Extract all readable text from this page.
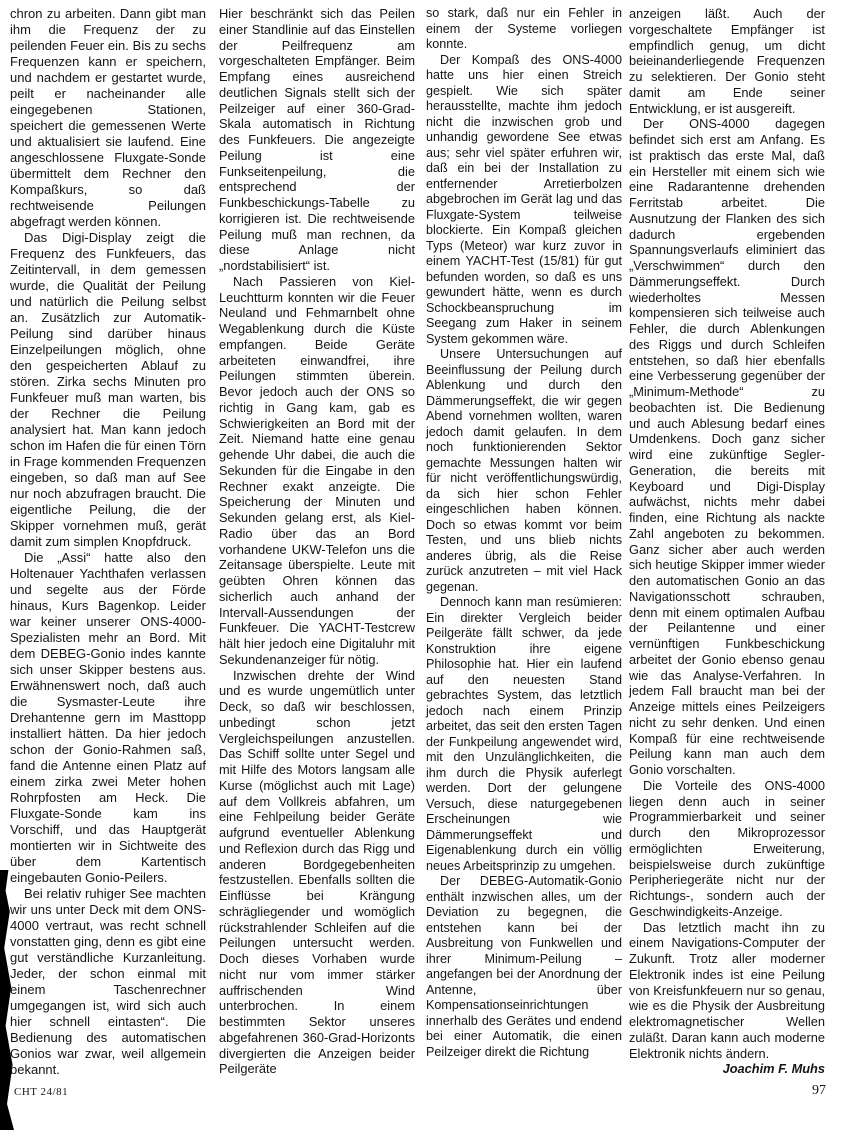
chron zu arbeiten. Dann gibt man ihm die Frequenz der zu peilenden Feuer ein. Bis zu sechs Frequenzen kann er speichern, und nachdem er gestartet wurde, peilt er nacheinander alle eingegebenen Stationen, speichert die gemessenen Werte und aktualisiert sie laufend. Eine angeschlossene Fluxgate-Sonde übermittelt dem Rechner den Kompaßkurs, so daß rechtweisende Peilungen abgefragt werden können.

Das Digi-Display zeigt die Frequenz des Funkfeuers, das Zeitintervall, in dem gemessen wurde, die Qualität der Peilung und natürlich die Peilung selbst an. Zusätzlich zur Automatik-Peilung sind darüber hinaus Einzelpeilungen möglich, ohne den gespeicherten Ablauf zu stören. Zirka sechs Minuten pro Funkfeuer muß man warten, bis der Rechner die Peilung analysiert hat. Man kann jedoch schon im Hafen die für einen Törn in Frage kommenden Frequenzen eingeben, so daß man auf See nur noch abzufragen braucht. Die eigentliche Peilung, die der Skipper vornehmen muß, gerät damit zum simplen Knopfdruck.

Die „Assi“ hatte also den Holtenauer Yachthafen verlassen und segelte aus der Förde hinaus, Kurs Bagenkop. Leider war keiner unserer ONS-4000-Spezialisten mehr an Bord. Mit dem DEBEG-Gonio indes kannte sich unser Skipper bestens aus. Erwähnenswert noch, daß auch die Sysmaster-Leute ihre Drehantenne gern im Masttopp installiert hätten. Da hier jedoch schon der Gonio-Rahmen saß, fand die Antenne einen Platz auf einem zirka zwei Meter hohen Rohrpfosten am Heck. Die Fluxgate-Sonde kam ins Vorschiff, und das Hauptgerät montierten wir in Sichtweite des über dem Kartentisch eingebauten Gonio-Peilers.

Bei relativ ruhiger See machten wir uns unter Deck mit dem ONS-4000 vertraut, was recht schnell vonstatten ging, denn es gibt eine gut verständliche Kurzanleitung. Jeder, der schon einmal mit einem Taschenrechner umgegangen ist, wird sich auch hier schnell eintasten“. Die Bedienung des automatischen Gonios war zwar, weil allgemein bekannt.

Hier beschränkt sich das Peilen einer Standlinie auf das Einstellen der Peilfrequenz am vorgeschalteten Empfänger. Beim Empfang eines ausreichend deutlichen Signals stellt sich der Peilzeiger auf einer 360-Grad-Skala automatisch in Richtung des Funkfeuers. Die angezeigte Peilung ist eine Funkseitenpeilung, die entsprechend der Funkbeschickungs-Tabelle zu korrigieren ist. Die rechtweisende Peilung muß man rechnen, da diese Anlage nicht „nordstabilisiert“ ist.

Nach Passieren von Kiel-Leuchtturm konnten wir die Feuer Neuland und Fehmarnbelt ohne Wegablenkung durch die Küste empfangen. Beide Geräte arbeiteten einwandfrei, ihre Peilungen stimmten überein. Bevor jedoch auch der ONS so richtig in Gang kam, gab es Schwierigkeiten an Bord mit der Zeit. Niemand hatte eine genau gehende Uhr dabei, die auch die Sekunden für die Eingabe in den Rechner exakt anzeigte. Die Speicherung der Minuten und Sekunden gelang erst, als Kiel-Radio über das an Bord vorhandene UKW-Telefon uns die Zeitansage überspielte. Leute mit geübten Ohren können das sicherlich auch anhand der Intervall-Aussendungen der Funkfeuer. Die YACHT-Testcrew hält hier jedoch eine Digitaluhr mit Sekundenanzeiger für nötig.

Inzwischen drehte der Wind und es wurde ungemütlich unter Deck, so daß wir beschlossen, unbedingt schon jetzt Vergleichspeilungen anzustellen. Das Schiff sollte unter Segel und mit Hilfe des Motors langsam alle Kurse (möglichst auch mit Lage) auf dem Vollkreis abfahren, um eine Fehlpeilung beider Geräte aufgrund eventueller Ablenkung und Reflexion durch das Rigg und anderen Bordgegebenheiten festzustellen. Ebenfalls sollten die Einflüsse bei Krängung schrägliegender und womöglich rückstrahlender Schleifen auf die Peilungen untersucht werden. Doch dieses Vorhaben wurde nicht nur vom immer stärker auffrischenden Wind unterbrochen. In einem bestimmten Sektor unseres abgefahrenen 360-Grad-Horizonts divergierten die Anzeigen beider Peilgeräte

so stark, daß nur ein Fehler in einem der Systeme vorliegen konnte.

Der Kompaß des ONS-4000 hatte uns hier einen Streich gespielt. Wie sich später herausstellte, machte ihm jedoch nicht die inzwischen grob und unhandig gewordene See etwas aus; sehr viel später erfuhren wir, daß ein bei der Installation zu entfernender Arretierbolzen abgebrochen im Gerät lag und das Fluxgate-System teilweise blockierte. Ein Kompaß gleichen Typs (Meteor) war kurz zuvor in einem YACHT-Test (15/81) für gut befunden worden, so daß es uns gewundert hätte, wenn es durch Schockbeanspruchung im Seegang zum Haker in seinem System gekommen wäre.

Unsere Untersuchungen auf Beeinflussung der Peilung durch Ablenkung und durch den Dämmerungseffekt, die wir gegen Abend vornehmen wollten, waren jedoch damit gelaufen. In dem noch funktionierenden Sektor gemachte Messungen halten wir für nicht veröffentlichungswürdig, da sich hier schon Fehler eingeschlichen haben können. Doch so etwas kommt vor beim Testen, und uns blieb nichts anderes übrig, als die Reise zurück anzutreten – mit viel Hack gegenan.

Dennoch kann man resümieren: Ein direkter Vergleich beider Peilgeräte fällt schwer, da jede Konstruktion ihre eigene Philosophie hat. Hier ein laufend auf den neuesten Stand gebrachtes System, das letztlich jedoch nach einem Prinzip arbeitet, das seit den ersten Tagen der Funkpeilung angewendet wird, mit den Unzulänglichkeiten, die ihm durch die Physik auferlegt werden. Dort der gelungene Versuch, diese naturgegebenen Erscheinungen wie Dämmerungseffekt und Eigenablenkung durch ein völlig neues Arbeitsprinzip zu umgehen.

Der DEBEG-Automatik-Gonio enthält inzwischen alles, um der Deviation zu begegnen, die entstehen kann bei der Ausbreitung von Funkwellen und ihrer Minimum-Peilung – angefangen bei der Anordnung der Antenne, über Kompensationseinrichtungen innerhalb des Gerätes und endend bei einer Automatik, die einen Peilzeiger direkt die Richtung

anzeigen läßt. Auch der vorgeschaltete Empfänger ist empfindlich genug, um dicht beieinanderliegende Frequenzen zu selektieren. Der Gonio steht damit am Ende seiner Entwicklung, er ist ausgereift.

Der ONS-4000 dagegen befindet sich erst am Anfang. Es ist praktisch das erste Mal, daß ein Hersteller mit einem sich wie eine Radarantenne drehenden Ferritstab arbeitet. Die Ausnutzung der Flanken des sich dadurch ergebenden Spannungsverlaufs eliminiert das „Verschwimmen“ durch den Dämmerungseffekt. Durch wiederholtes Messen kompensieren sich teilweise auch Fehler, die durch Ablenkungen des Riggs und durch Schleifen entstehen, so daß hier ebenfalls eine Verbesserung gegenüber der „Minimum-Methode“ zu beobachten ist. Die Bedienung und auch Ablesung bedarf eines Umdenkens. Doch ganz sicher wird eine zukünftige Segler-Generation, die bereits mit Keyboard und Digi-Display aufwächst, nichts mehr dabei finden, eine Richtung als nackte Zahl angeboten zu bekommen. Ganz sicher aber auch werden sich heutige Skipper immer wieder den automatischen Gonio an das Navigationsschott schrauben, denn mit einem optimalen Aufbau der Peilantenne und einer vernünftigen Funkbeschickung arbeitet der Gonio ebenso genau wie das Analyse-Verfahren. In jedem Fall braucht man bei der Anzeige mittels eines Peilzeigers nicht zu sehr denken. Und einen Kompaß für eine rechtweisende Peilung kann man auch dem Gonio vorschalten.

Die Vorteile des ONS-4000 liegen denn auch in seiner Programmierbarkeit und seiner durch den Mikroprozessor ermöglichten Erweiterung, beispielsweise durch zukünftige Peripheriegeräte nicht nur der Richtungs-, sondern auch der Geschwindigkeits-Anzeige.

Das letztlich macht ihn zu einem Navigations-Computer der Zukunft. Trotz aller moderner Elektronik indes ist eine Peilung von Kreisfunkfeuern nur so genau, wie es die Physik der Ausbreitung elektromagnetischer Wellen zuläßt. Daran kann auch moderne Elektronik nichts ändern.

Joachim F. Muhs

CHT 24/81	97
